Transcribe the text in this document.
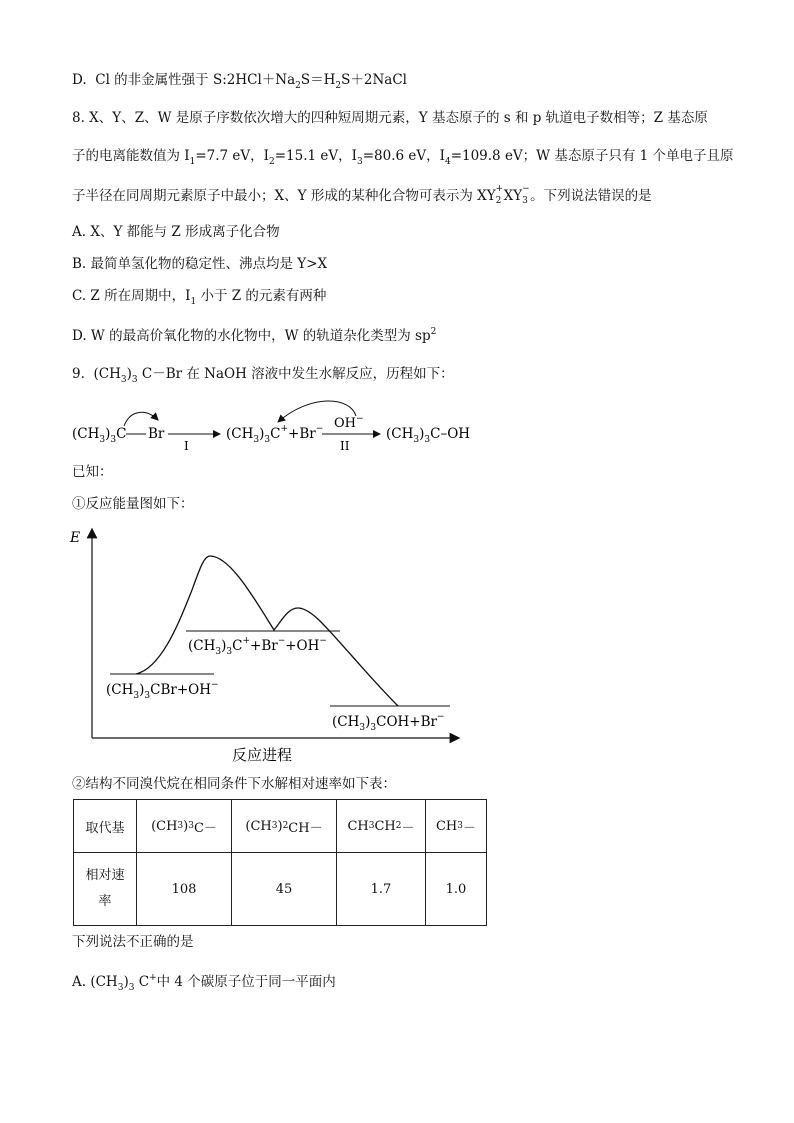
D. Cl 的非金属性强于 $S:2HCl+Na_2S=H_2S+2NaCl$
8. X、Y、Z、W 是原子序数依次增大的四种短周期元素，Y 基态原子的 s 和 p 轨道电子数相等；Z 基态原
子的电离能数值为 $I_1=7.7$ eV，$I_2=15.1$ eV，$I_3=80.6$ eV，$I_4=109.8$ eV；W 基态原子只有 1 个单电子且原
子半径在同周期元素原子中最小；X、Y 形成的某种化合物可表示为 XY +
2 XY −
3 。下列说法错误的是
A. X、Y 都能与 Z 形成离子化合物
B. 最简单氢化物的稳定性、沸点均是 Y>X
C. Z 所在周期中，$I_1$ 小于 Z 的元素有两种
D. W 的最高价氧化物的水化物中，W 的轨道杂化类型为 $sp^2$
9. $(CH_3)_3$ C－Br 在 NaOH 溶液中发生水解反应，历程如下：
$(CH_3)_3C$ Br
I
$(CH_3)_3C^++Br^-$ OH−
II
$(CH_3)_3C-OH$
已知：
①反应能量图如下：
E
反应进程
$(CH_3)_3CBr+OH^-$
$(CH_3)_3C^++Br^-+OH^-$
$(CH_3)_3COH+Br^-$
②结构不同溴代烷在相同条件下水解相对速率如下表：
取代基	(CH 3 ) 3 C－	(CH 3 ) 2 CH－	CH 3 CH 2 －	CH 3 －

相对速
率	108	45	1.7	1.0
下列说法不正确的是
A. $(CH_3)_3$ C+中 4 个碳原子位于同一平面内
